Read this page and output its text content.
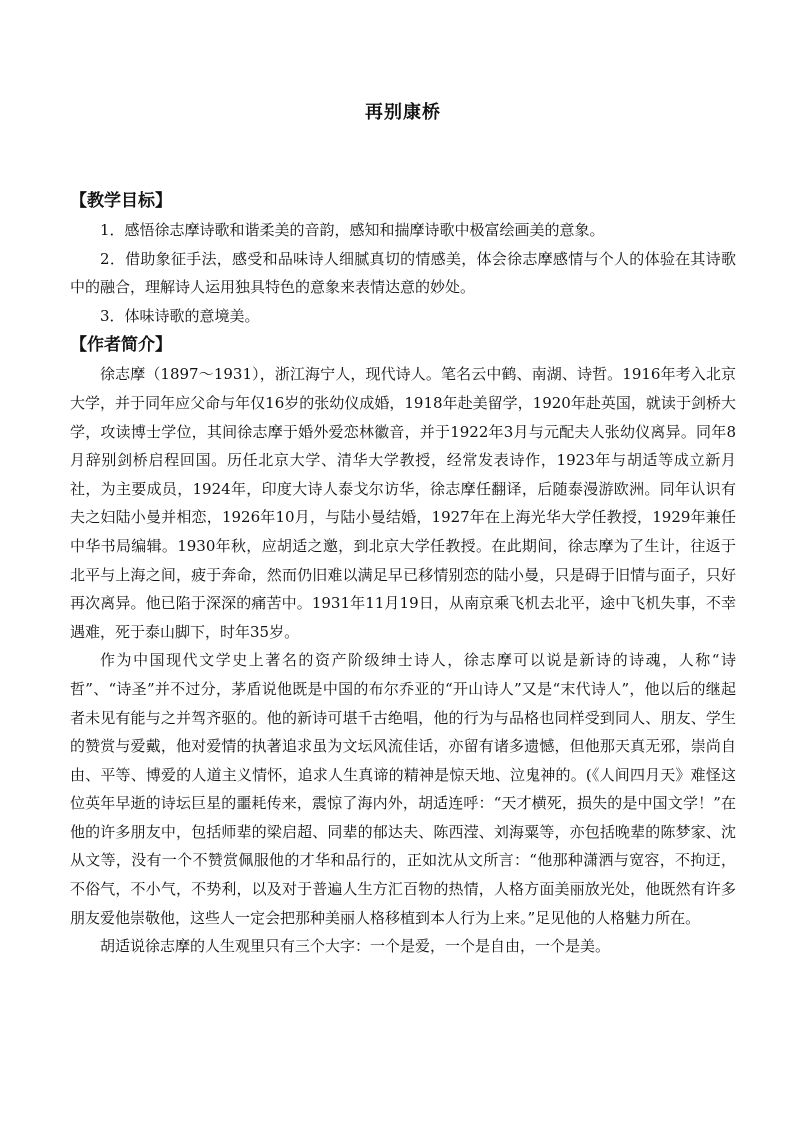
再别康桥
【教学目标】

1．感悟徐志摩诗歌和谐柔美的音韵，感知和揣摩诗歌中极富绘画美的意象。

2．借助象征手法，感受和品味诗人细腻真切的情感美，体会徐志摩感情与个人的体验在其诗歌中的融合，理解诗人运用独具特色的意象来表情达意的妙处。

3．体味诗歌的意境美。

【作者简介】

徐志摩（1897～1931），浙江海宁人，现代诗人。笔名云中鹤、南湖、诗哲。1916年考入北京大学，并于同年应父命与年仅16岁的张幼仪成婚，1918年赴美留学，1920年赴英国，就读于剑桥大学，攻读博士学位，其间徐志摩于婚外爱恋林徽音，并于1922年3月与元配夫人张幼仪离异。同年8月辞别剑桥启程回国。历任北京大学、清华大学教授，经常发表诗作，1923年与胡适等成立新月社，为主要成员，1924年，印度大诗人泰戈尔访华，徐志摩任翻译，后随泰漫游欧洲。同年认识有夫之妇陆小曼并相恋，1926年10月，与陆小曼结婚，1927年在上海光华大学任教授，1929年兼任中华书局编辑。1930年秋，应胡适之邀，到北京大学任教授。在此期间，徐志摩为了生计，往返于北平与上海之间，疲于奔命，然而仍旧难以满足早已移情别恋的陆小曼，只是碍于旧情与面子，只好再次离异。他已陷于深深的痛苦中。1931年11月19日，从南京乘飞机去北平，途中飞机失事，不幸遇难，死于泰山脚下，时年35岁。

作为中国现代文学史上著名的资产阶级绅士诗人，徐志摩可以说是新诗的诗魂，人称“诗哲”、“诗圣”并不过分，茅盾说他既是中国的布尔乔亚的“开山诗人”又是“末代诗人”，他以后的继起者未见有能与之并驾齐驱的。他的新诗可堪千古绝唱，他的行为与品格也同样受到同人、朋友、学生的赞赏与爱戴，他对爱情的执著追求虽为文坛风流佳话，亦留有诸多遗憾，但他那天真无邪，崇尚自由、平等、博爱的人道主义情怀，追求人生真谛的精神是惊天地、泣鬼神的。(《人间四月天》难怪这位英年早逝的诗坛巨星的噩耗传来，震惊了海内外，胡适连呼：“天才横死，损失的是中国文学！”在他的许多朋友中，包括师辈的梁启超、同辈的郁达夫、陈西滢、刘海粟等，亦包括晚辈的陈梦家、沈从文等，没有一个不赞赏佩服他的才华和品行的，正如沈从文所言：“他那种潇洒与宽容，不拘迂，不俗气，不小气，不势利，以及对于普遍人生方汇百物的热情，人格方面美丽放光处，他既然有许多朋友爱他崇敬他，这些人一定会把那种美丽人格移植到本人行为上来。”足见他的人格魅力所在。

胡适说徐志摩的人生观里只有三个大字：一个是爱，一个是自由，一个是美。
